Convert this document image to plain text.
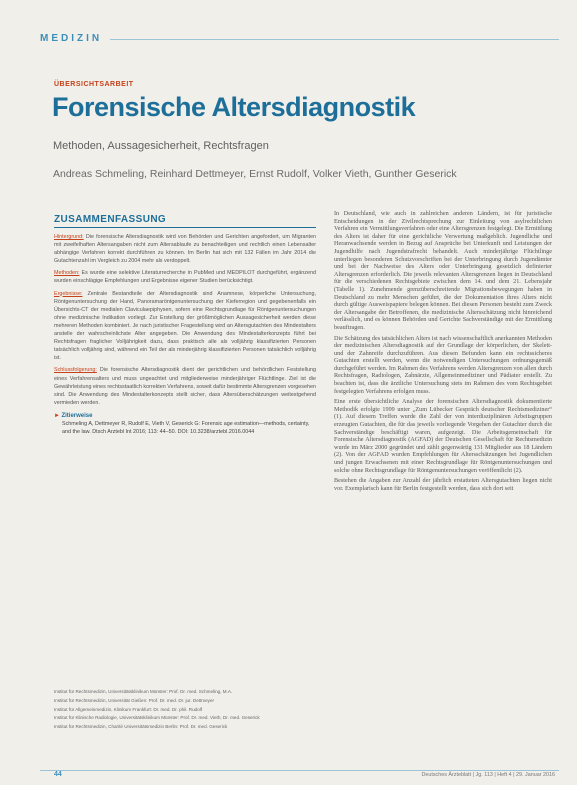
MEDIZIN
ÜBERSICHTSARBEIT
Forensische Altersdiagnostik
Methoden, Aussagesicherheit, Rechtsfragen
Andreas Schmeling, Reinhard Dettmeyer, Ernst Rudolf, Volker Vieth, Gunther Geserick
ZUSAMMENFASSUNG
Hintergrund: Die forensische Altersdiagnostik wird von Behörden und Gerichten angefordert, um Migranten mit zweifelhaften Altersangaben nicht zum Altersablaufe zu benachteiligen und rechtlich einen Lebensalter abhängige Verfahren korrekt durchführen zu können. Im Berlin hat sich mit 132 Fällen im Jahr 2014 die Gutachtenzahl im Vergleich zu 2004 mehr als verdoppelt.
Methoden: Es wurde eine selektive Literaturrecherche in PubMed und MEDPILOT durchgeführt, ergänzend wurden einschlägige Empfehlungen und Ergebnisse eigener Studien berücksichtigt.
Ergebnisse: Zentrale Bestandteile der Altersdiagnostik sind Anamnese, körperliche Untersuchung, Röntgenuntersuchung der Hand, Panoramaröntgenuntersuchung der Kieferregion und gegebenenfalls ein Übersichts-CT der medialen Claviculaepiphysen, sofern eine Rechtsgrundlage für Röntgenuntersuchungen ohne medizinische Indikation vorliegt. Zur Erstellung der größtmöglichen Aussagesicherheit werden diese mehreren Methoden kombiniert. Je nach juristischer Fragestellung wird an Altersgutachten des Mindestalters anstelle der wahrscheinlichste Alter angegeben. Die Anwendung des Mindestalterkonzepts führt bei Rechtsfragen fraglicher Volljährigkeit dazu, dass praktisch alle als volljährig klassifizierten Personen tatsächlich volljährig sind, während ein Teil der als minderjährig klassifizierten Personen tatsächlich volljährig ist.
Schlussfolgerung: Die forensische Altersdiagnostik dient der gerichtlichen und behördlichen Feststellung eines Verfahrensalters und muss ungeachtet und mitgliederweise minderjähriger Flüchtlinge. Ziel ist die Gewährleistung eines rechtsstaatlich korrekten Verfahrens, soweit dafür bestimmte Altersgrenzen vorgesehen sind. Die Anwendung des Mindestalterkonzepts stellt sicher, dass Altersüberschätzungen weitestgehend vermieden werden.
► Zitierweise
Schmeling A, Dettmeyer R, Rudolf E, Vieth V, Geserick G: Forensic age estimation—methods, certainty, and the law. Dtsch Arztebl Int 2016; 113: 44–50. DOI: 10.3238/arztebl.2016.0044
Institut für Rechtsmedizin, Universitätsklinikum Münster: Prof. Dr. med. Schmeling, M.A.
Institut für Rechtsmedizin, Universität Gießen: Prof. Dr. med. Dr. jur. Dettmeyer
Institut für Allgemeinmedizin, Klinikum Frankfurt: Dr. med. Dr. phil. Rudolf
Institut für Klinische Radiologie, Universitätsklinikum Münster: Prof. Dr. med. Vieth, Dr. med. Geserick
Institut für Rechtsmedizin, Charité Universitätsmedizin Berlin: Prof. Dr. med. Geserick

In Deutschland, wie auch in zahlreichen anderen Ländern, ist für juristische Entscheidungen in der Zivilrechtsprechung zur Einleitung von asylrechtlichen Verfahren ein Vermittlungsverfahren oder eine Altersgrenzen festgelegt. Die Ermittlung des Alters ist daher für eine gerichtliche Verwertung maßgeblich. Jugendliche und Heranwachsende werden in Bezug auf Ansprüche bei Unterkunft und Leistungen der Jugendhilfe nach Jugendstrafrecht behandelt. Auch minderjährige Flüchtlinge unterliegen besonderen Schutzvorschriften bei der Unterbringung durch Jugendämter und bei der Nachweise des Alters oder Unterbringung gesetzlich definierter Altersgrenzen erforderlich. Die jeweils relevanten Altersgrenzen liegen in Deutschland für die verschiedenen Rechtsgebiete zwischen dem 14. und dem 21. Lebensjahr (Tabelle 1). Zunehmende grenzüberschreitende Migrationsbewegungen haben in Deutschland zu mehr Menschen geführt, die der Dokumentation ihres Alters nicht durch gültige Ausweispapiere belegen können. Bei diesen Personen besteht zum Zweck der Altersangabe der Betroffenen, die medizinische Altersschätzung nicht hinreichend verlässlich, und es können Behörden und Gerichte Sachverständige mit der Ermittlung beauftragen.

Die Schätzung des tatsächlichen Alters ist nach wissenschaftlich anerkannten Methoden der medizinischen Altersdiagnostik auf der Grundlage der körperlichen, der Skelett- und der Zahnreife durchzuführen. Aus diesen Befunden kann ein rechtssicheres Gutachten erstellt werden, wenn die notwendigen Untersuchungen ordnungsgemäß durchgeführt werden. Im Rahmen des Verfahrens werden Altersgrenzen von allen durch Rechtsfragen, Radiologen, Zahnärzte, Allgemeinmediziner und Pädiater erstellt. Zu beachten ist, dass die ärztliche Untersuchung stets im Rahmen des vom Rechtsgebiet festgelegten Verfahrens erfolgen muss.

Eine erste übersichtliche Analyse der forensischen Altersdiagnostik dokumentierte Methodik erfolgte 1999 unter „Zum Lübecker Gespräch deutscher Rechtsmediziner“ (1). Auf diesem Treffen wurde die Zahl der von interdisziplinären Arbeitsgruppen erzeugten Gutachten, die für das jeweils vorliegende Vorgehen der Gutachter durch die Sachverständige beschäftigt waren, aufgezeigt. Die Arbeitsgemeinschaft für Forensische Altersdiagnostik (AGFAD) der Deutschen Gesellschaft für Rechtsmedizin wurde im März 2000 gegründet und zählt gegenwärtig 131 Mitglieder aus 18 Ländern (2). Von der AGFAD wurden Empfehlungen für Altersschätzungen bei Jugendlichen und jungen Erwachsenen mit einer Rechtsgrundlage für Röntgenuntersuchungen und solche ohne Rechtsgrundlage für Röntgenuntersuchungen veröffentlicht (2).

Bestehen die Angaben zur Anzahl der jährlich erstatteten Altersgutachten liegen nicht vor. Exemplarisch kann für Berlin festgestellt werden, dass sich dort seit

44	Deutsches Ärzteblatt | Jg. 113 | Heft 4 | 29. Januar 2016
